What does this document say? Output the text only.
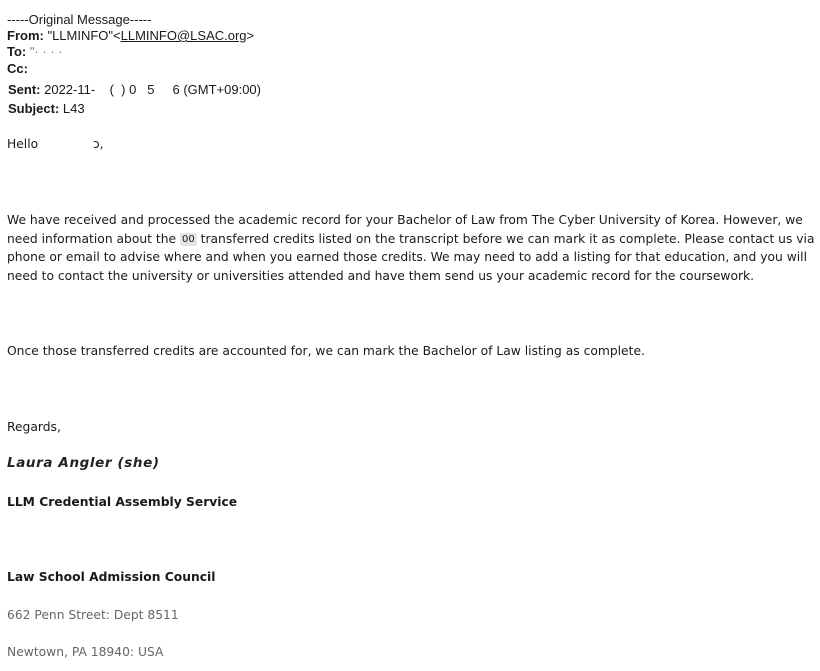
-----Original Message-----
From: "LLMINFO"<LLMINFO@LSAC.org>
To: "· · · ·
Cc:
Sent: 2022-11-    (  ) 0   5     6 (GMT+09:00)
Subject: L43
Hello              ɔ,
We have received and processed the academic record for your Bachelor of Law from The Cyber University of Korea. However, we need information about the 00 transferred credits listed on the transcript before we can mark it as complete. Please contact us via phone or email to advise where and when you earned those credits. We may need to add a listing for that education, and you will need to contact the university or universities attended and have them send us your academic record for the coursework.
Once those transferred credits are accounted for, we can mark the Bachelor of Law listing as complete.
Regards,
Laura Angler (she)
LLM Credential Assembly Service
Law School Admission Council
662 Penn Street: Dept 8511
Newtown, PA 18940: USA
